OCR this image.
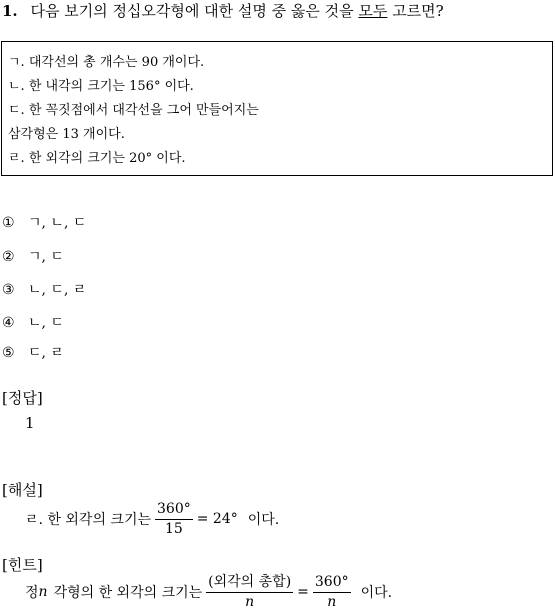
1. 다음 보기의 정십오각형에 대한 설명 중 옳은 것을 모두 고르면?
ㄱ. 대각선의 총 개수는 90 개이다.
ㄴ. 한 내각의 크기는 156° 이다.
ㄷ. 한 꼭짓점에서 대각선을 그어 만들어지는
삼각형은 13 개이다.
ㄹ. 한 외각의 크기는 20° 이다.
① ㄱ, ㄴ, ㄷ
② ㄱ, ㄷ
③ ㄴ, ㄷ, ㄹ
④ ㄴ, ㄷ
⑤ ㄷ, ㄹ
[정답]
1
[해설]
ㄹ. 한 외각의 크기는 $\frac{360^\circ}{15} = 24^\circ$ 이다.
[힌트]
정 n 각형의 한 외각의 크기는 $\frac{\text{(외각의 총합)}}{n} = \frac{360^\circ}{n}$ 이다.
